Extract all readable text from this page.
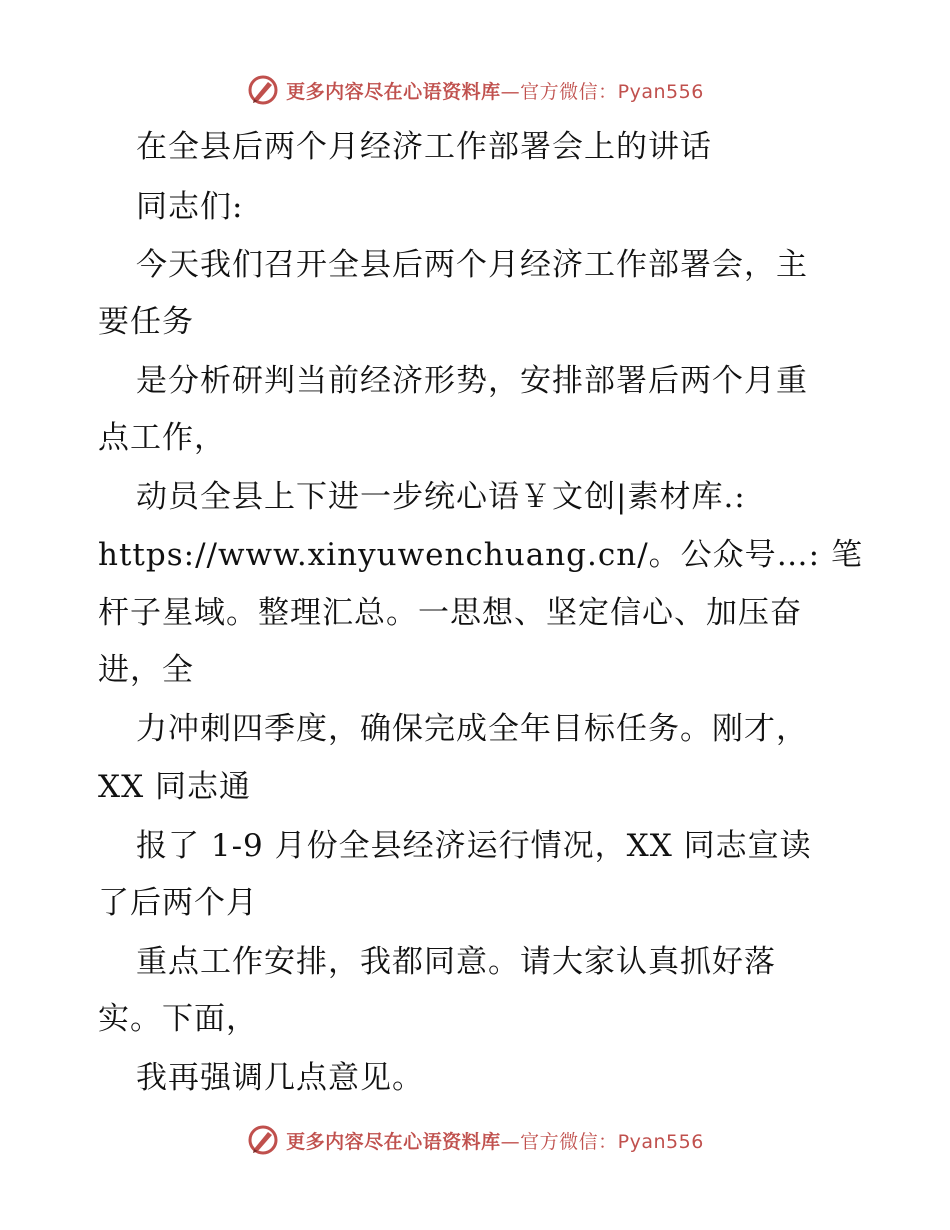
更多内容尽在心语资料库—官方微信：Pyan556
在全县后两个月经济工作部署会上的讲话
同志们:
今天我们召开全县后两个月经济工作部署会，主
要任务
是分析研判当前经济形势，安排部署后两个月重
点工作，
动员全县上下进一步统心语￥文创|素材库.:
https://www.xinyuwenchuang.cn/。公众号…: 笔
杆子星域。整理汇总。一思想、坚定信心、加压奋
进，全
力冲刺四季度，确保完成全年目标任务。刚才，
XX 同志通
报了 1-9 月份全县经济运行情况，XX 同志宣读
了后两个月
重点工作安排，我都同意。请大家认真抓好落
实。下面，
我再强调几点意见。
更多内容尽在心语资料库—官方微信：Pyan556
